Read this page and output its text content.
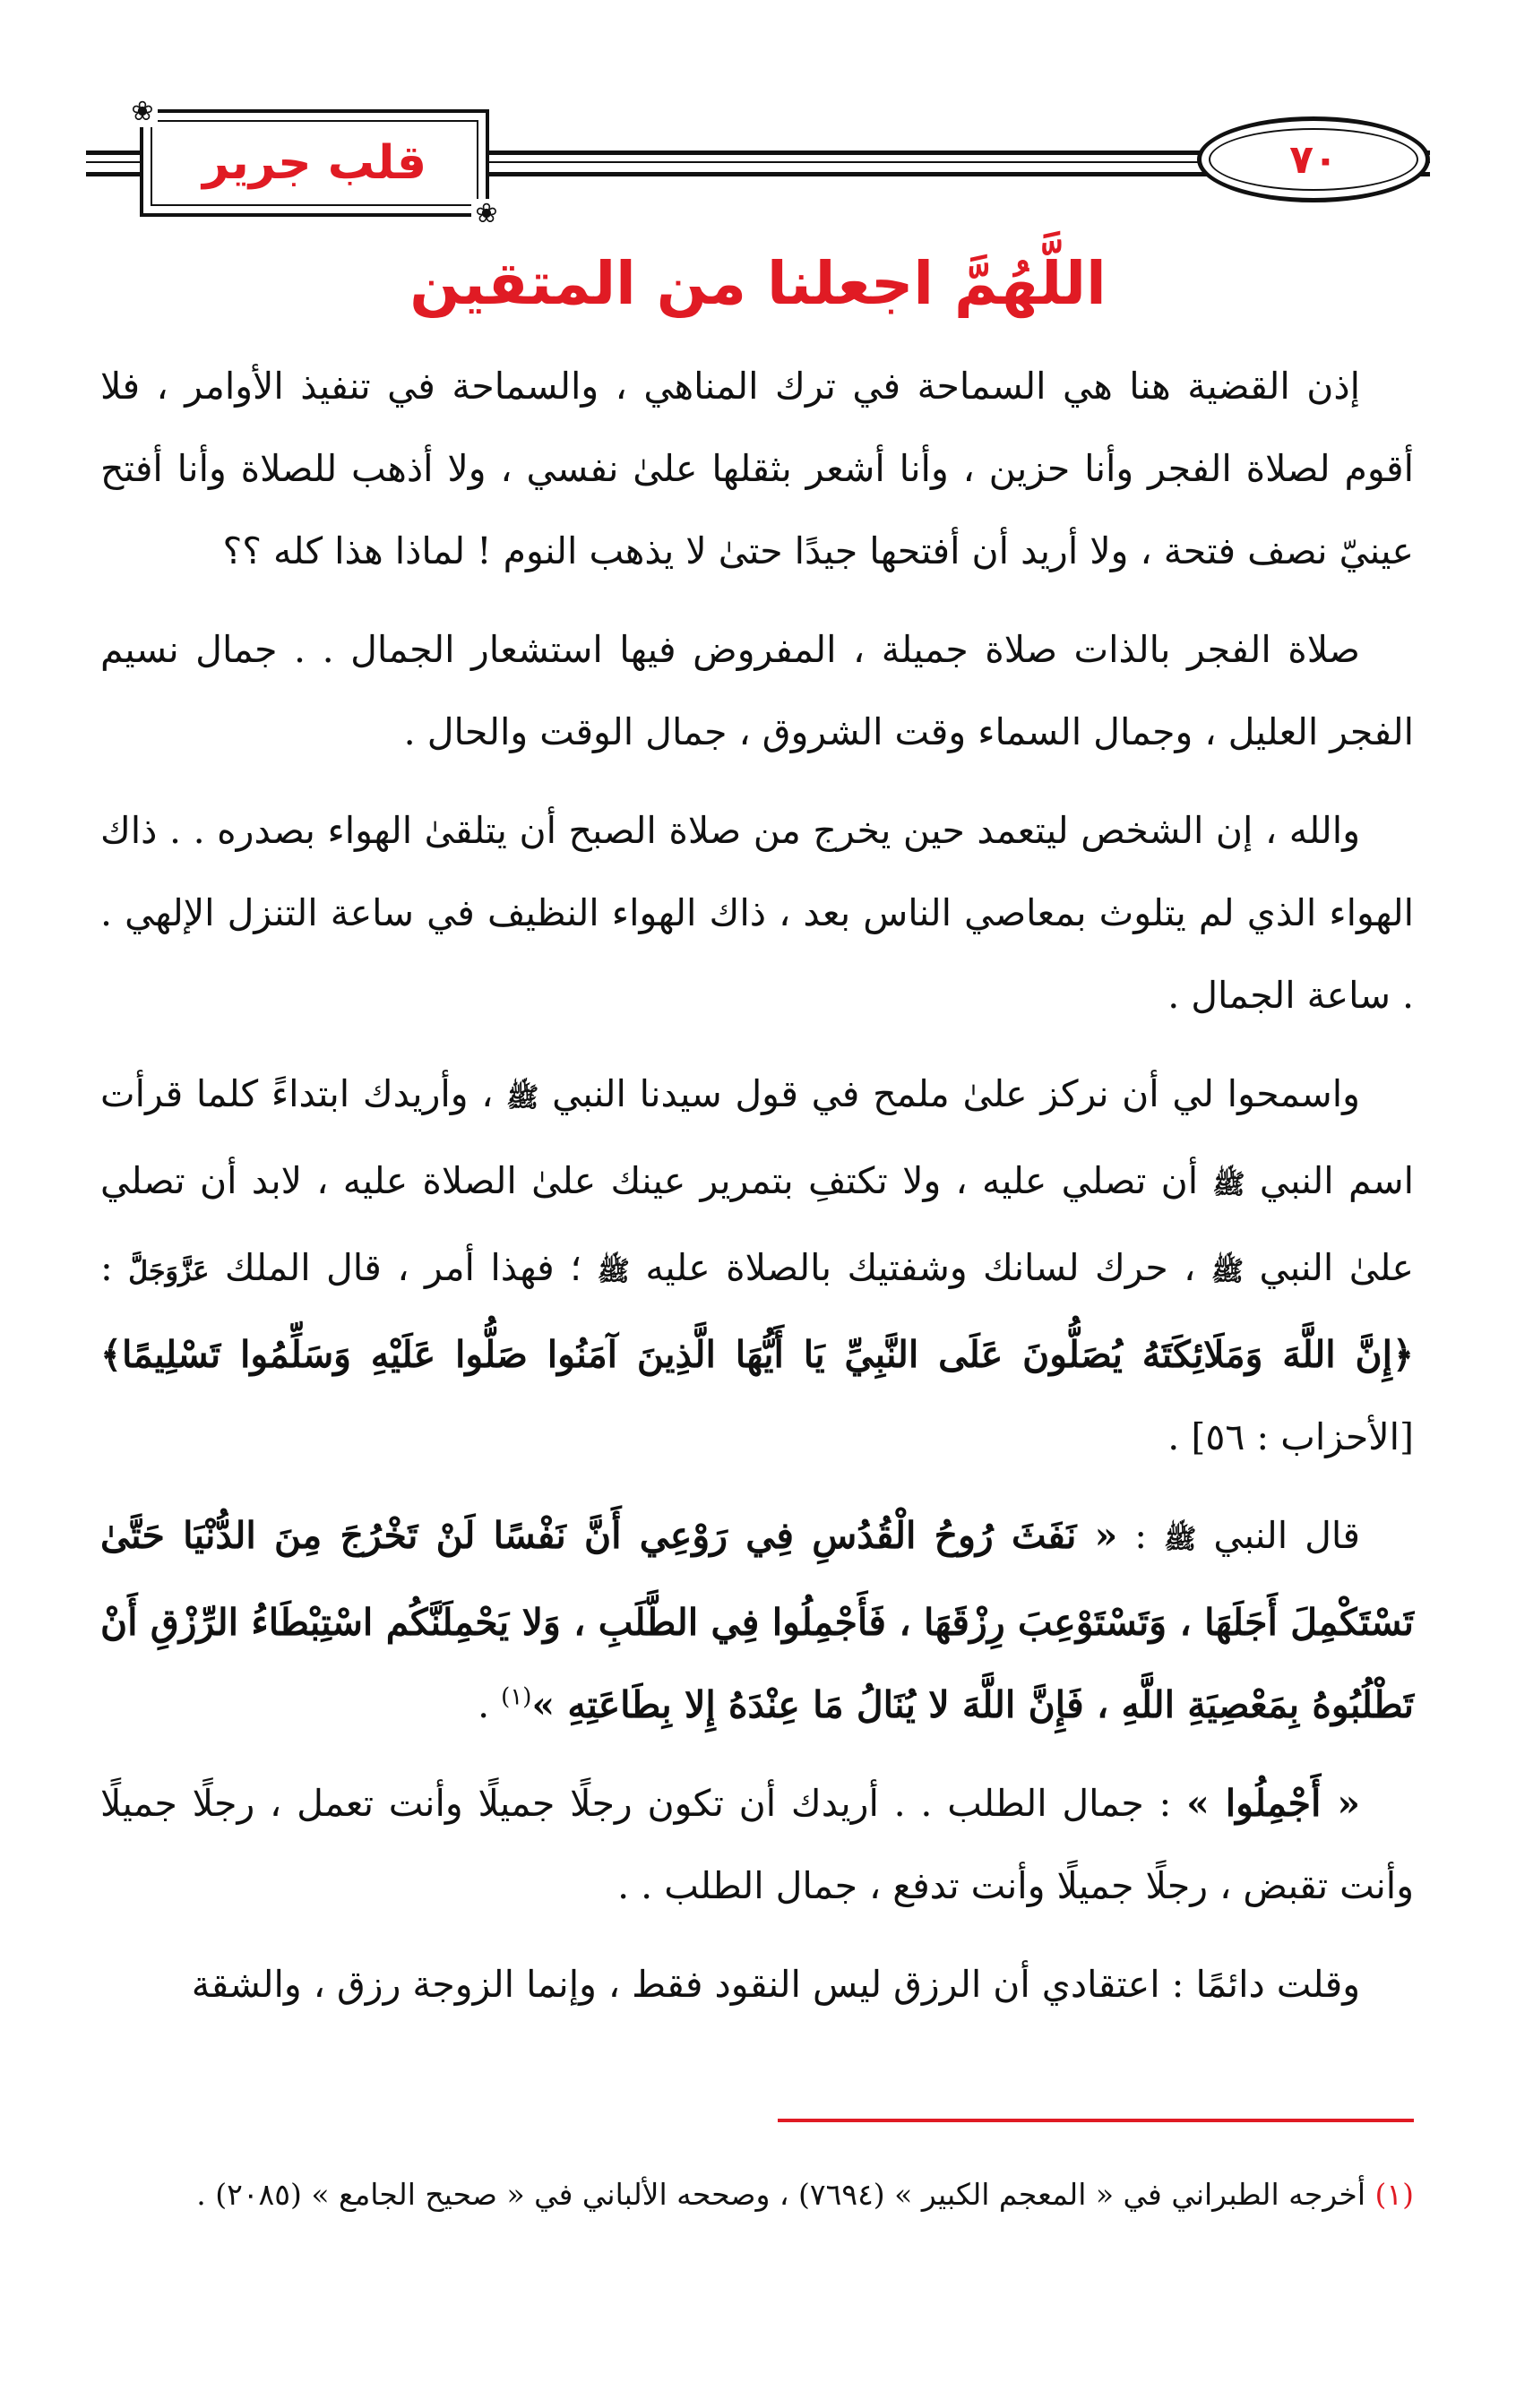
❀
❀
قلب جرير	٧٠
اللَّهُمَّ اجعلنا من المتقين

إذن القضية هنا هي السماحة في ترك المناهي ، والسماحة في تنفيذ الأوامر ، فلا أقوم لصلاة الفجر وأنا حزين ، وأنا أشعر بثقلها علىٰ نفسي ، ولا أذهب للصلاة وأنا أفتح عينيّ نصف فتحة ، ولا أريد أن أفتحها جيدًا حتىٰ لا يذهب النوم ! لماذا هذا كله ؟؟

صلاة الفجر بالذات صلاة جميلة ، المفروض فيها استشعار الجمال . . جمال نسيم الفجر العليل ، وجمال السماء وقت الشروق ، جمال الوقت والحال .

والله ، إن الشخص ليتعمد حين يخرج من صلاة الصبح أن يتلقىٰ الهواء بصدره . . ذاك الهواء الذي لم يتلوث بمعاصي الناس بعد ، ذاك الهواء النظيف في ساعة التنزل الإلهي . . ساعة الجمال .

واسمحوا لي أن نركز علىٰ ملمح في قول سيدنا النبي ﷺ ، وأريدك ابتداءً كلما قرأت اسم النبي ﷺ أن تصلي عليه ، ولا تكتفِ بتمرير عينك علىٰ الصلاة عليه ، لابد أن تصلي علىٰ النبي ﷺ ، حرك لسانك وشفتيك بالصلاة عليه ﷺ ؛ فهذا أمر ، قال الملك عَزَّوَجَلَّ : ﴿إِنَّ اللَّهَ وَمَلَائِكَتَهُ يُصَلُّونَ عَلَى النَّبِيِّ يَا أَيُّهَا الَّذِينَ آمَنُوا صَلُّوا عَلَيْهِ وَسَلِّمُوا تَسْلِيمًا﴾ [الأحزاب : ٥٦] .

قال النبي ﷺ : « نَفَثَ رُوحُ الْقُدُسِ فِي رَوْعِي أَنَّ نَفْسًا لَنْ تَخْرُجَ مِنَ الدُّنْيَا حَتَّىٰ تَسْتَكْمِلَ أَجَلَهَا ، وَتَسْتَوْعِبَ رِزْقَهَا ، فَأَجْمِلُوا فِي الطَّلَبِ ، وَلا يَحْمِلَنَّكُم اسْتِبْطَاءُ الرِّزْقِ أَنْ تَطْلُبُوهُ بِمَعْصِيَةِ اللَّهِ ، فَإِنَّ اللَّهَ لا يُنَالُ مَا عِنْدَهُ إِلا بِطَاعَتِهِ »$^{(١)}$ .

« أَجْمِلُوا » : جمال الطلب . . أريدك أن تكون رجلًا جميلًا وأنت تعمل ، رجلًا جميلًا وأنت تقبض ، رجلًا جميلًا وأنت تدفع ، جمال الطلب . .

وقلت دائمًا : اعتقادي أن الرزق ليس النقود فقط ، وإنما الزوجة رزق ، والشقة

(١) أخرجه الطبراني في « المعجم الكبير » (٧٦٩٤) ، وصححه الألباني في « صحيح الجامع » (٢٠٨٥) .
